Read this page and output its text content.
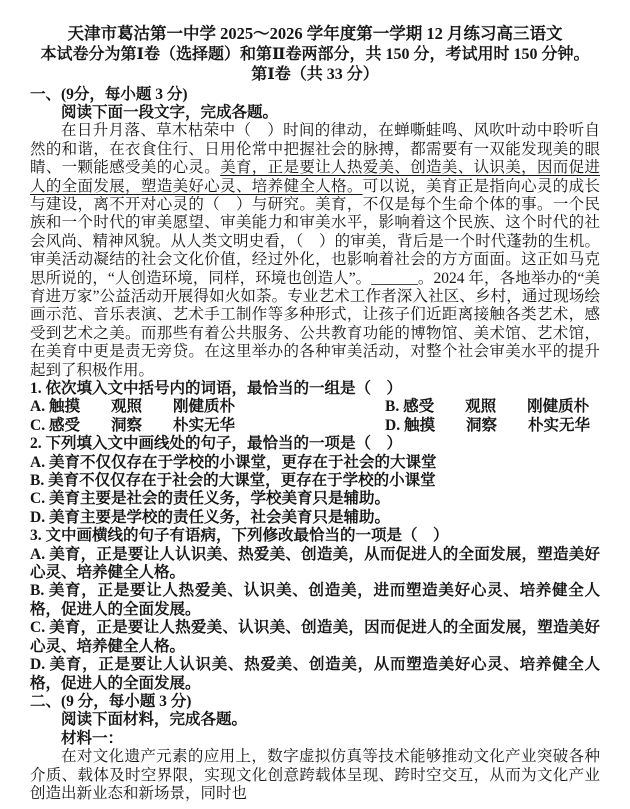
天津市葛沽第一中学 2025～2026 学年度第一学期 12 月练习高三语文

本试卷分为第Ⅰ卷（选择题）和第Ⅱ卷两部分，共 150 分，考试用时 150 分钟。

第Ⅰ卷（共 33 分）

一、(9分，每小题 3 分)

阅读下面一段文字，完成各题。

在日升月落、草木枯荣中（　）时间的律动，在蝉嘶蛙鸣、风吹叶动中聆听自然的和谐，在衣食住行、日用伦常中把握社会的脉搏，都需要有一双能发现美的眼睛、一颗能感受美的心灵。美育，正是要让人热爱美、创造美、认识美，因而促进人的全面发展，塑造美好心灵、培养健全人格。可以说，美育正是指向心灵的成长与建设，离不开对心灵的（　）与研究。美育，不仅是每个生命个体的事。一个民族和一个时代的审美愿望、审美能力和审美水平，影响着这个民族、这个时代的社会风尚、精神风貌。从人类文明史看，（　）的审美，背后是一个时代蓬勃的生机。审美活动凝结的社会文化价值，经过外化，也影响着社会的方方面面。这正如马克思所说的，“人创造环境，同样，环境也创造人”。______。2024 年，各地举办的“美育进万家”公益活动开展得如火如荼。专业艺术工作者深入社区、乡村，通过现场绘画示范、音乐表演、艺术手工制作等多种形式，让孩子们近距离接触各类艺术，感受到艺术之美。而那些有着公共服务、公共教育功能的博物馆、美术馆、艺术馆，在美育中更是责无旁贷。在这里举办的各种审美活动，对整个社会审美水平的提升起到了积极作用。

1. 依次填入文中括号内的词语，最恰当的一组是（　）

A. 触摸　　观照　　刚健质朴	B. 感受　　观照　　刚健质朴

C. 感受　　洞察　　朴实无华	D. 触摸　　洞察　　朴实无华

2. 下列填入文中画线处的句子，最恰当的一项是（　）

A. 美育不仅仅存在于学校的小课堂，更存在于社会的大课堂

B. 美育不仅仅存在于社会的大课堂，更存在于学校的小课堂

C. 美育主要是社会的责任义务，学校美育只是辅助。

D. 美育主要是学校的责任义务，社会美育只是辅助。

3. 文中画横线的句子有语病，下列修改最恰当的一项是（　）

A. 美育，正是要让人认识美、热爱美、创造美，从而促进人的全面发展，塑造美好心灵、培养健全人格。

B. 美育，正是要让人热爱美、认识美、创造美，进而塑造美好心灵、培养健全人格，促进人的全面发展。

C. 美育，正是要让人热爱美、认识美、创造美，因而促进人的全面发展，塑造美好心灵、培养健全人格。

D. 美育，正是要让人认识美、热爱美、创造美，从而塑造美好心灵、培养健全人格，促进人的全面发展。

二、(9 分，每小题 3 分)

阅读下面材料，完成各题。

材料一：

在对文化遗产元素的应用上，数字虚拟仿真等技术能够推动文化产业突破各种介质、载体及时空界限，实现文化创意跨载体呈现、跨时空交互，从而为文化产业创造出新业态和新场景，同时也
